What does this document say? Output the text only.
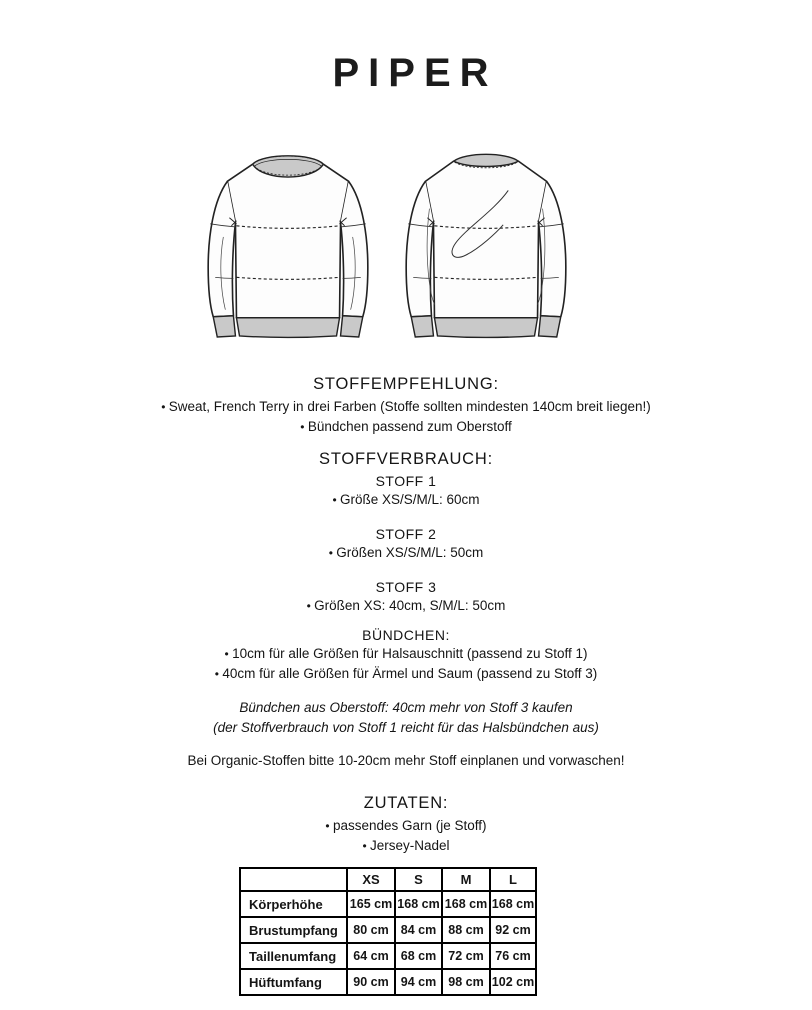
PIPER
STOFFEMPFEHLUNG:
• Sweat, French Terry in drei Farben (Stoffe sollten mindesten 140cm breit liegen!)
• Bündchen passend zum Oberstoff
STOFFVERBRAUCH:
STOFF 1
• Größe XS/S/M/L: 60cm
STOFF 2
• Größen XS/S/M/L: 50cm
STOFF 3
• Größen XS: 40cm, S/M/L: 50cm
BÜNDCHEN:
• 10cm für alle Größen für Halsauschnitt (passend zu Stoff 1)
• 40cm für alle Größen für Ärmel und Saum (passend zu Stoff 3)
Bündchen aus Oberstoff: 40cm mehr von Stoff 3 kaufen
(der Stoffverbrauch von Stoff 1 reicht für das Halsbündchen aus)
Bei Organic-Stoffen bitte 10-20cm mehr Stoff einplanen und vorwaschen!
ZUTATEN:
• passendes Garn (je Stoff)
• Jersey-Nadel
	XS	S	M	L
Körperhöhe	165 cm	168 cm	168 cm	168 cm
Brustumpfang	80 cm	84 cm	88 cm	92 cm
Taillenumfang	64 cm	68 cm	72 cm	76 cm
Hüftumfang	90 cm	94 cm	98 cm	102 cm
